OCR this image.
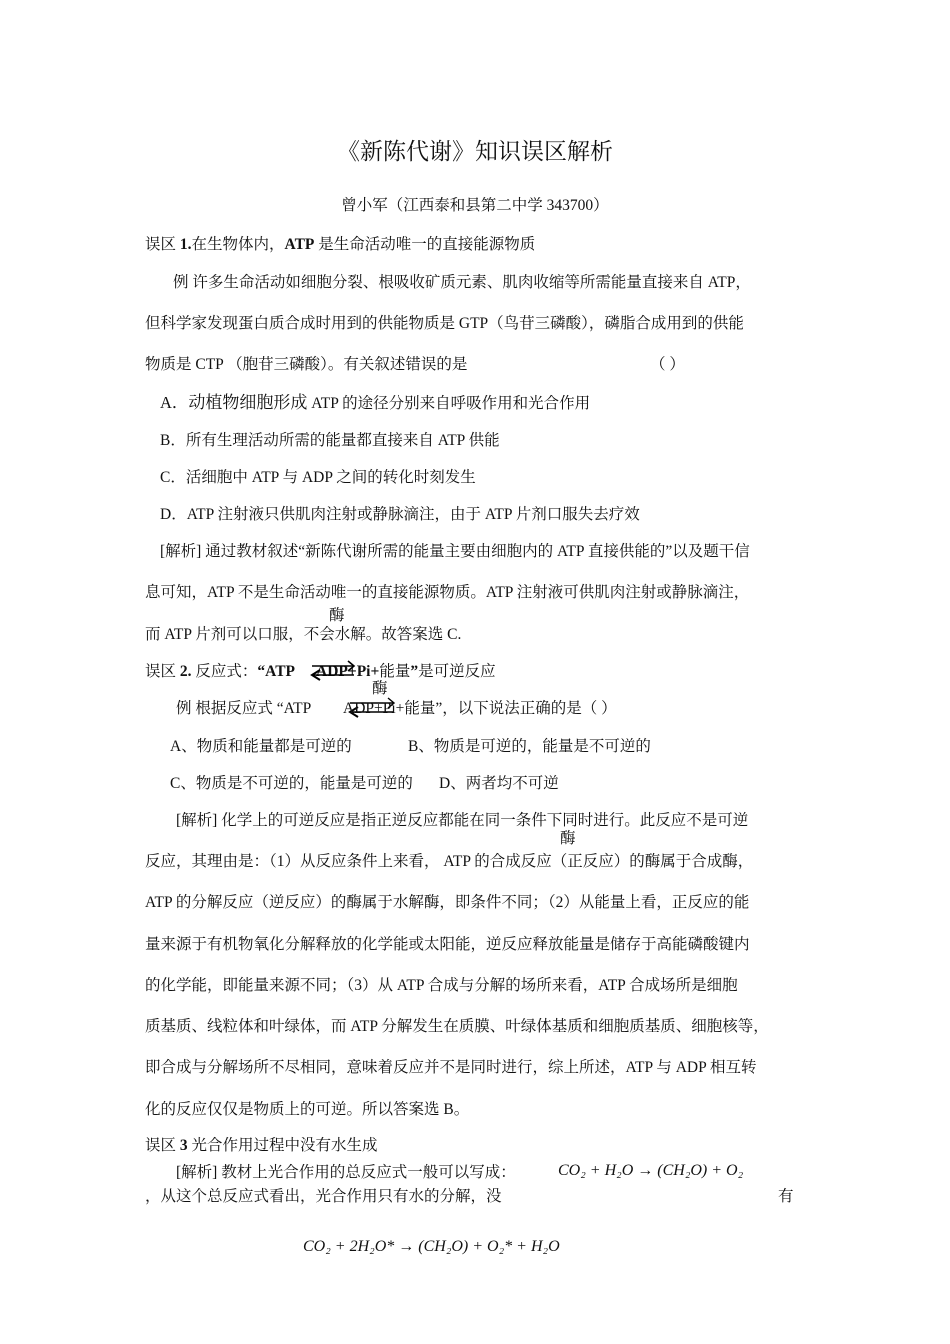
《新陈代谢》知识误区解析
曾小军（江西泰和县第二中学 343700）
误区 1.在生物体内，ATP 是生命活动唯一的直接能源物质
例 许多生命活动如细胞分裂、根吸收矿质元素、肌肉收缩等所需能量直接来自 ATP，
但科学家发现蛋白质合成时用到的供能物质是 GTP（鸟苷三磷酸），磷脂合成用到的供能
物质是 CTP （胞苷三磷酸）。有关叙述错误的是	（ ）
A．动植物细胞形成 ATP 的途径分别来自呼吸作用和光合作用
B．所有生理活动所需的能量都直接来自 ATP 供能
C．活细胞中 ATP 与 ADP 之间的转化时刻发生
D．ATP 注射液只供肌肉注射或静脉滴注，由于 ATP 片剂口服失去疗效
[解析] 通过教材叙述“新陈代谢所需的能量主要由细胞内的 ATP 直接供能的”以及题干信
息可知，ATP 不是生命活动唯一的直接能源物质。ATP 注射液可供肌肉注射或静脉滴注，
酶
而 ATP 片剂可以口服，不会水解。故答案选 C.
误区 2. 反应式：“ATP ADP+Pi+能量”是可逆反应
酶
例 根据反应式 “ATP ADP+Pi+能量”，以下说法正确的是（ ）
A、物质和能量都是可逆的	B、物质是可逆的，能量是不可逆的
C、物质是不可逆的，能量是可逆的 D、两者均不可逆
[解析] 化学上的可逆反应是指正逆反应都能在同一条件下同时进行。此反应不是可逆
酶
反应，其理由是：（1）从反应条件上来看， ATP 的合成反应（正反应）的酶属于合成酶，
ATP 的分解反应（逆反应）的酶属于水解酶，即条件不同；（2）从能量上看，正反应的能
量来源于有机物氧化分解释放的化学能或太阳能，逆反应释放能量是储存于高能磷酸键内
的化学能，即能量来源不同；（3）从 ATP 合成与分解的场所来看，ATP 合成场所是细胞
质基质、线粒体和叶绿体，而 ATP 分解发生在质膜、叶绿体基质和细胞质基质、细胞核等，
即合成与分解场所不尽相同，意味着反应并不是同时进行，综上所述，ATP 与 ADP 相互转
化的反应仅仅是物质上的可逆。所以答案选 B。
误区 3 光合作用过程中没有水生成
[解析] 教材上光合作用的总反应式一般可以写成：	CO₂ + H₂O → (CH₂O) + O₂
，从这个总反应式看出，光合作用只有水的分解，没	有
CO₂ + 2H₂O* → (CH₂O) + O₂* + H₂O
